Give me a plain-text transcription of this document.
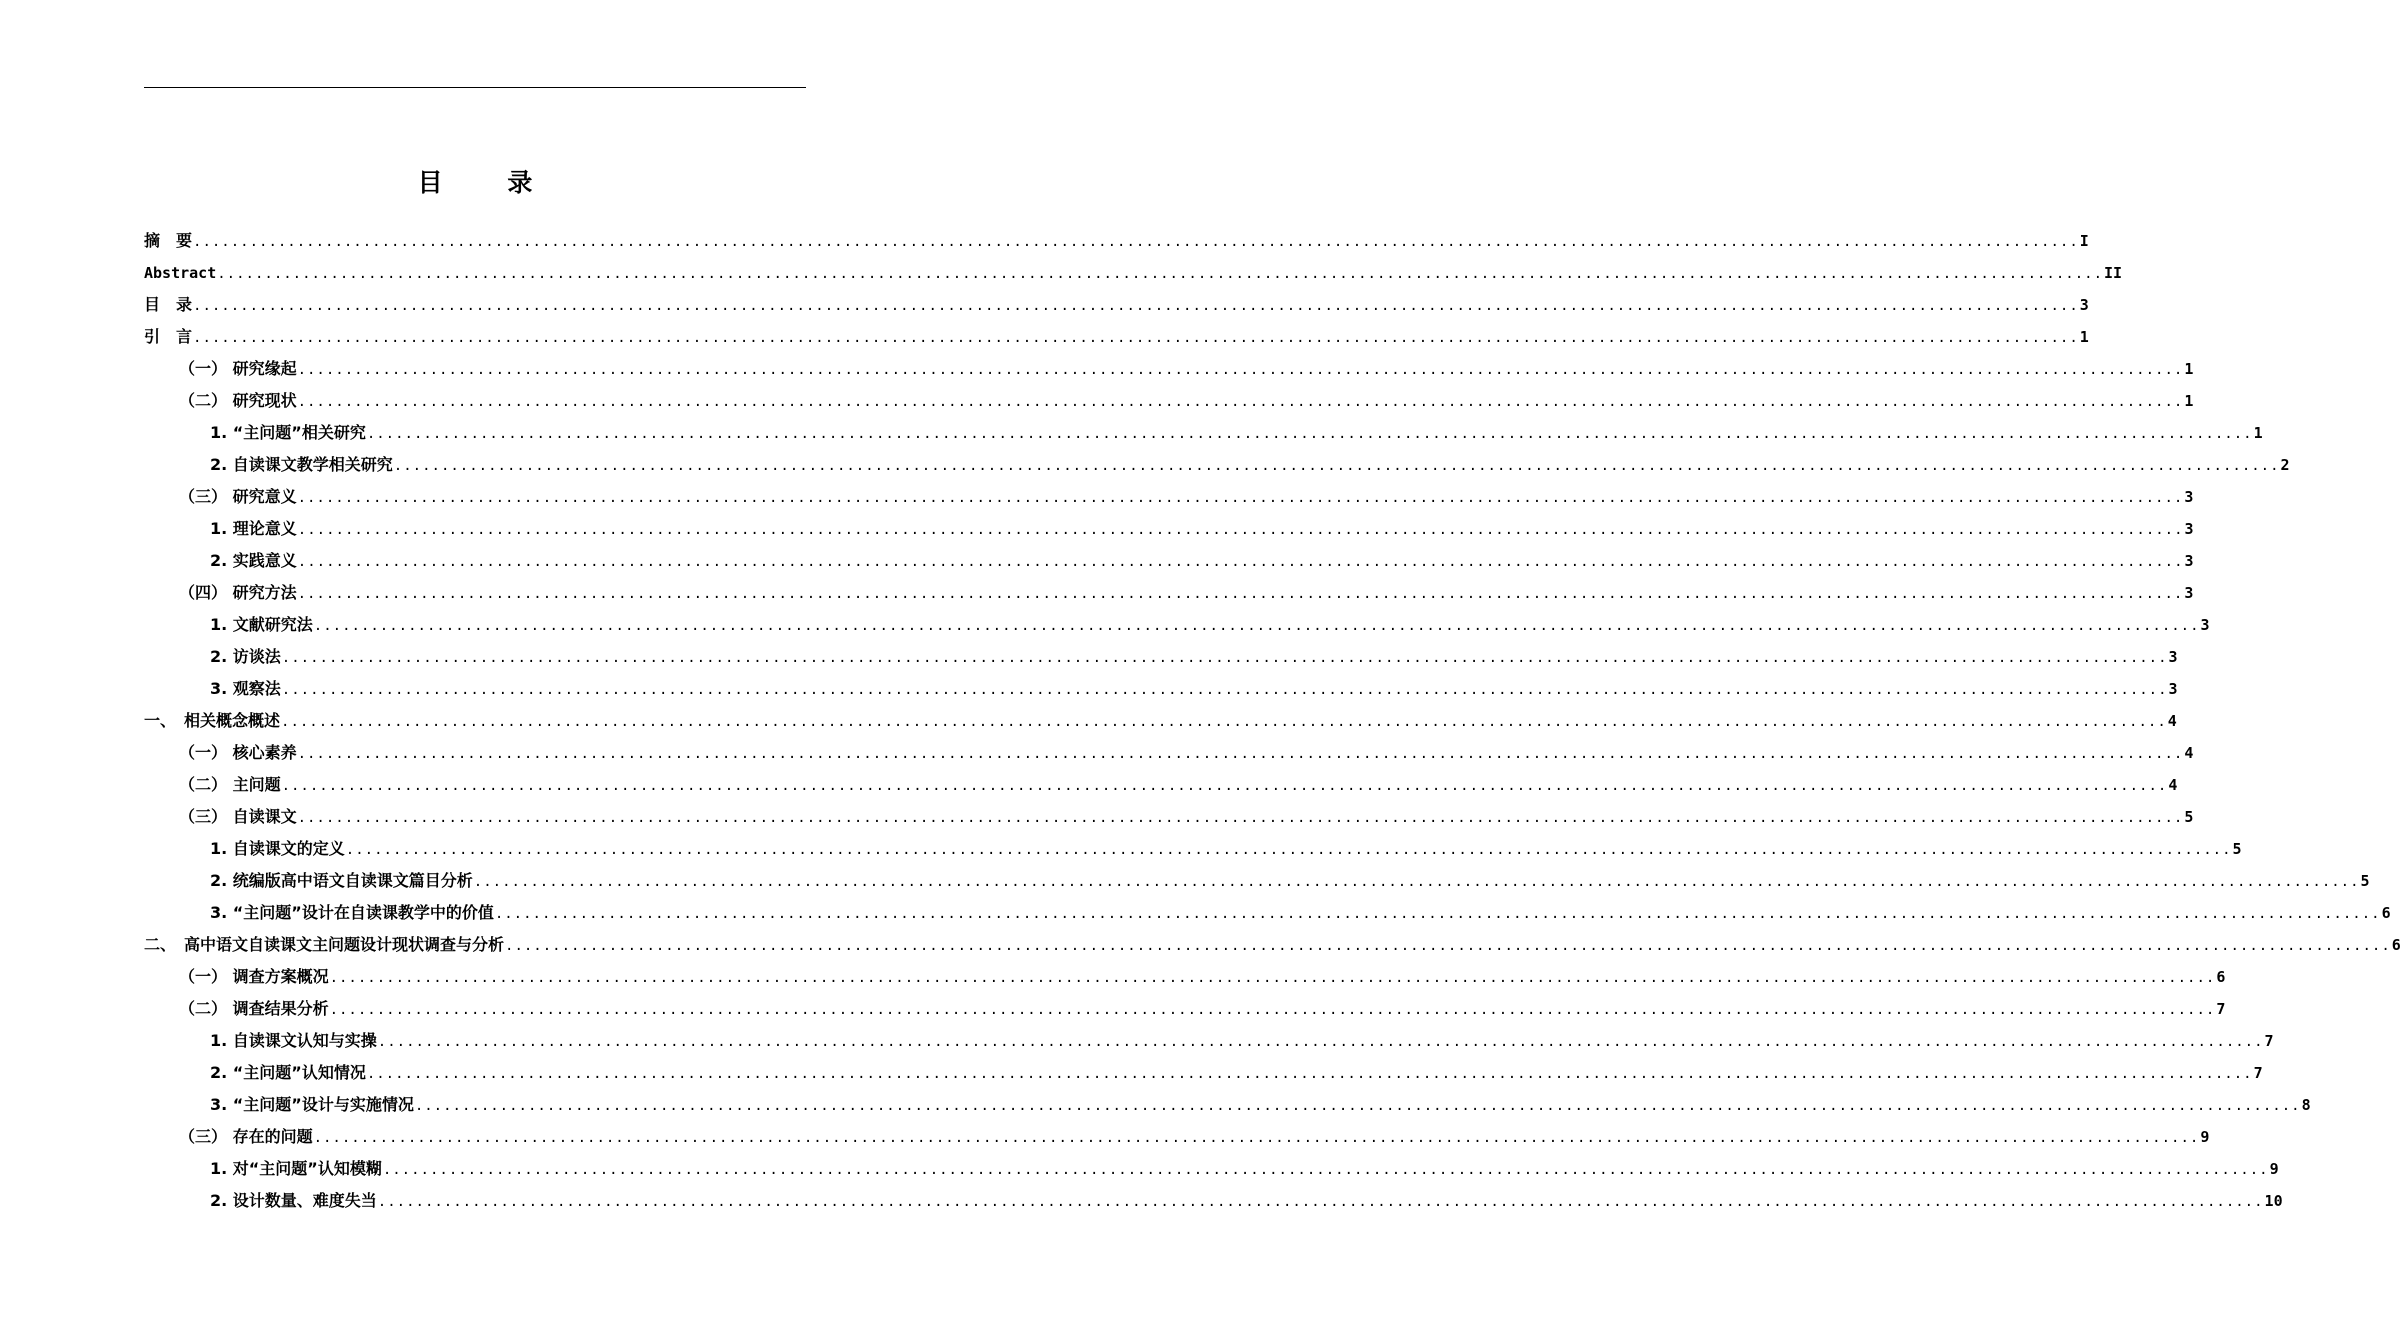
目 录
摘　要 ........................................................................................................................................................................................................ I
Abstract ........................................................................................................................................................................................................ II
目　录 ........................................................................................................................................................................................................ 3
引　言 ........................................................................................................................................................................................................ 1
（一） 研究缘起 ........................................................................................................................................................................................................ 1
（二） 研究现状 ........................................................................................................................................................................................................ 1
1. “主问题”相关研究 ........................................................................................................................................................................................................ 1
2. 自读课文教学相关研究 ........................................................................................................................................................................................................ 2
（三） 研究意义 ........................................................................................................................................................................................................ 3
1. 理论意义 ........................................................................................................................................................................................................ 3
2. 实践意义 ........................................................................................................................................................................................................ 3
（四） 研究方法 ........................................................................................................................................................................................................ 3
1. 文献研究法 ........................................................................................................................................................................................................ 3
2. 访谈法 ........................................................................................................................................................................................................ 3
3. 观察法 ........................................................................................................................................................................................................ 3
一、　相关概念概述 ........................................................................................................................................................................................................ 4
（一） 核心素养 ........................................................................................................................................................................................................ 4
（二） 主问题 ........................................................................................................................................................................................................ 4
（三） 自读课文 ........................................................................................................................................................................................................ 5
1. 自读课文的定义 ........................................................................................................................................................................................................ 5
2. 统编版高中语文自读课文篇目分析 ........................................................................................................................................................................................................ 5
3. “主问题”设计在自读课教学中的价值 ........................................................................................................................................................................................................ 6
二、　高中语文自读课文主问题设计现状调查与分析 ........................................................................................................................................................................................................ 6
（一） 调查方案概况 ........................................................................................................................................................................................................ 6
（二） 调查结果分析 ........................................................................................................................................................................................................ 7
1. 自读课文认知与实操 ........................................................................................................................................................................................................ 7
2. “主问题”认知情况 ........................................................................................................................................................................................................ 7
3. “主问题”设计与实施情况 ........................................................................................................................................................................................................ 8
（三） 存在的问题 ........................................................................................................................................................................................................ 9
1. 对“主问题”认知模糊 ........................................................................................................................................................................................................ 9
2. 设计数量、难度失当 ........................................................................................................................................................................................................ 10
